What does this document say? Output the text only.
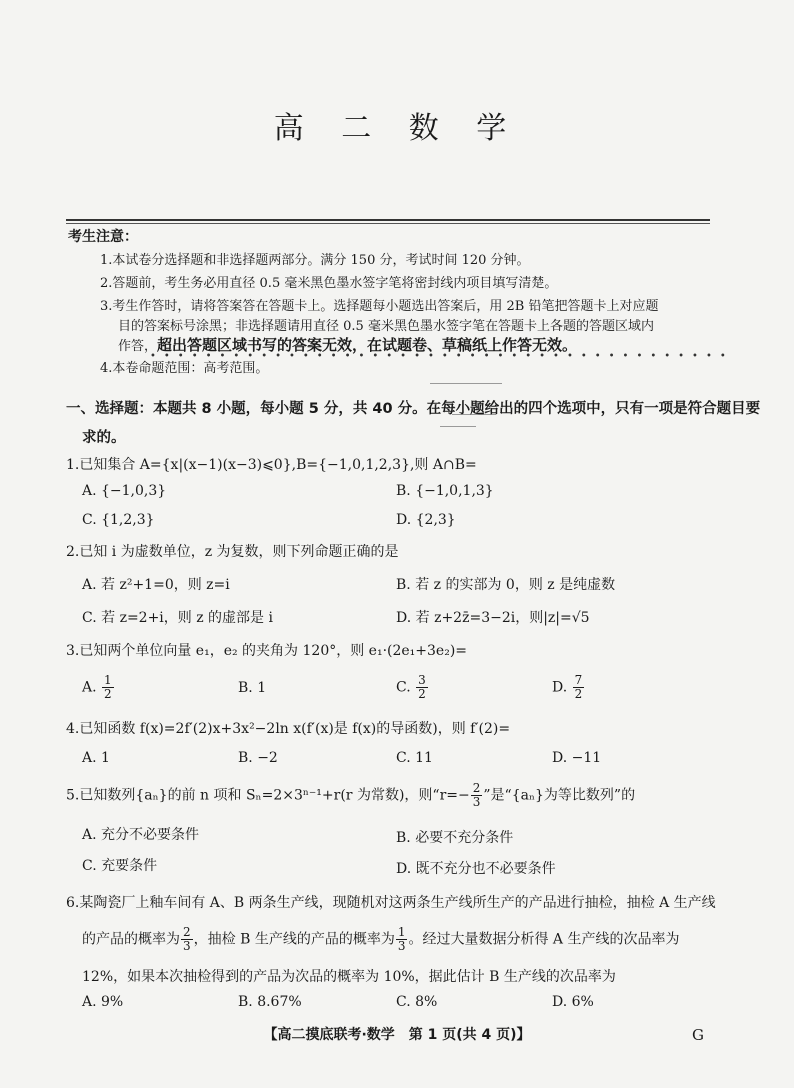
高 二 数 学
考生注意：
1.本试卷分选择题和非选择题两部分。满分 150 分，考试时间 120 分钟。
2.答题前，考生务必用直径 0.5 毫米黑色墨水签字笔将密封线内项目填写清楚。
3.考生作答时，请将答案答在答题卡上。选择题每小题选出答案后，用 2B 铅笔把答题卡上对应题
目的答案标号涂黑；非选择题请用直径 0.5 毫米黑色墨水签字笔在答题卡上各题的答题区域内
作答，超出答题区域书写的答案无效，在试题卷、草稿纸上作答无效。
••••••••••••••••••••••••••••••••••••••••••
4.本卷命题范围：高考范围。
一、选择题：本题共 8 小题，每小题 5 分，共 40 分。在每小题给出的四个选项中，只有一项是符合题目要
求的。
1.已知集合 A={x|(x−1)(x−3)⩽0},B={−1,0,1,2,3},则 A∩B=
A. {−1,0,3}	B. {−1,0,1,3}
C. {1,2,3}	D. {2,3}
2.已知 i 为虚数单位，z 为复数，则下列命题正确的是
A. 若 z²+1=0，则 z=i	B. 若 z 的实部为 0，则 z 是纯虚数
C. 若 z=2+i，则 z 的虚部是 i	D. 若 z+2z̄=3−2i，则|z|=√5
3.已知两个单位向量 e₁，e₂ 的夹角为 120°，则 e₁·(2e₁+3e₂)=
A. $\frac{1}{2}$	B. 1	C. $\frac{3}{2}$	D. $\frac{7}{2}$
4.已知函数 f(x)=2f′(2)x+3x²−2ln x(f′(x)是 f(x)的导函数)，则 f′(2)=
A. 1	B. −2	C. 11	D. −11
5.已知数列{aₙ}的前 n 项和 Sₙ=2×3ⁿ⁻¹+r(r 为常数)，则“$r=- \frac{2}{3}$ ”是“{aₙ}为等比数列”的
A. 充分不必要条件	B. 必要不充分条件
C. 充要条件	D. 既不充分也不必要条件
6.某陶瓷厂上釉车间有 A、B 两条生产线，现随机对这两条生产线所生产的产品进行抽检，抽检 A 生产线
的产品的概率为 $\frac{2}{3}$ ，抽检 B 生产线的产品的概率为 $\frac{1}{3}$ 。经过大量数据分析得 A 生产线的次品率为
12%，如果本次抽检得到的产品为次品的概率为 10%，据此估计 B 生产线的次品率为
A. 9%	B. 8.67%	C. 8%	D. 6%
【高二摸底联考·数学　第 1 页(共 4 页)】	G
